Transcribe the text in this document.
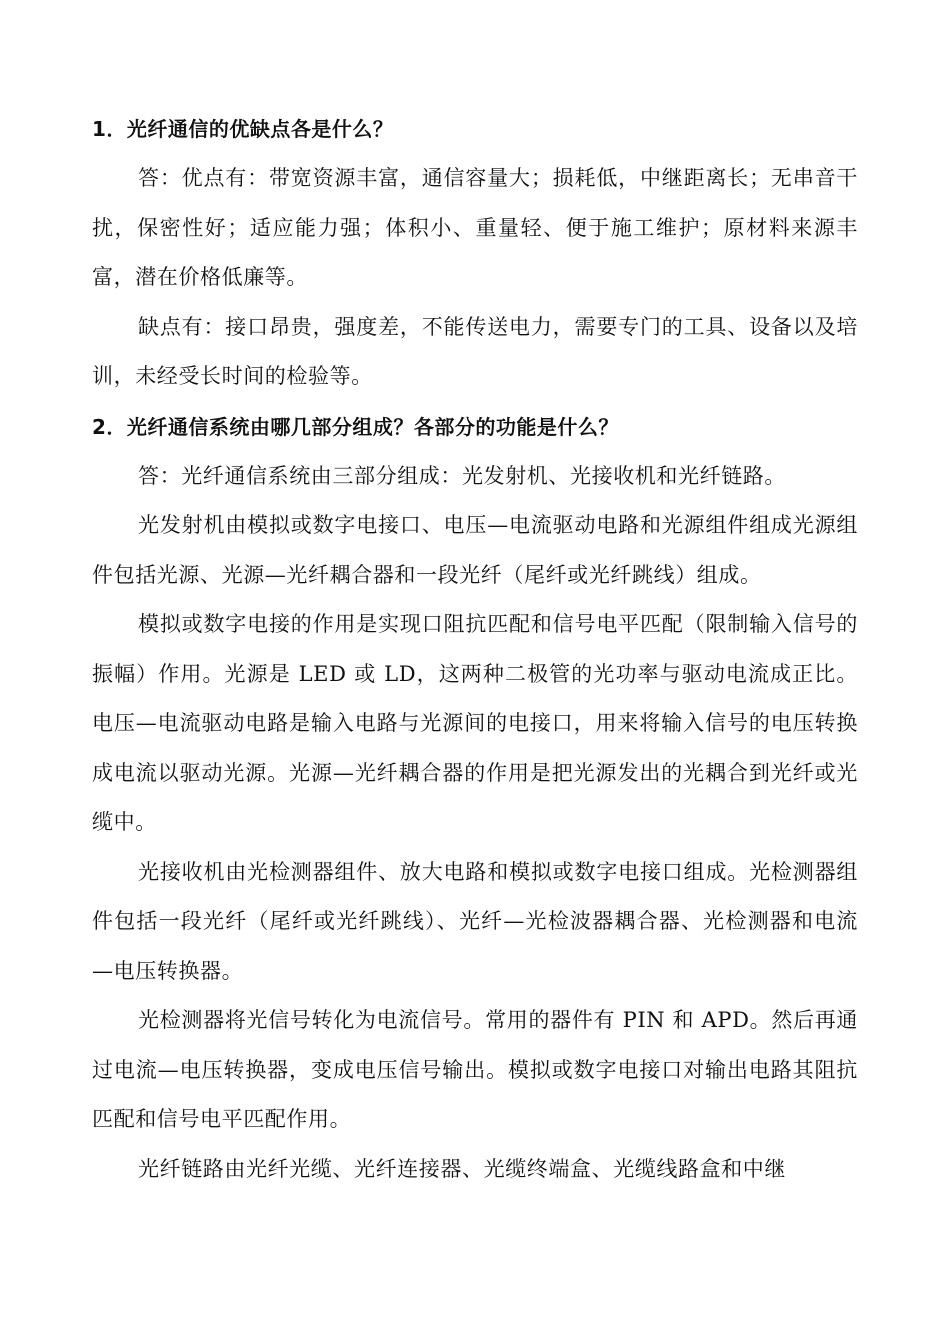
1．光纤通信的优缺点各是什么？

答：优点有：带宽资源丰富，通信容量大；损耗低，中继距离长；无串音干扰，保密性好；适应能力强；体积小、重量轻、便于施工维护；原材料来源丰富，潜在价格低廉等。

缺点有：接口昂贵，强度差，不能传送电力，需要专门的工具、设备以及培训，未经受长时间的检验等。

2．光纤通信系统由哪几部分组成？各部分的功能是什么？

答：光纤通信系统由三部分组成：光发射机、光接收机和光纤链路。

光发射机由模拟或数字电接口、电压—电流驱动电路和光源组件组成光源组件包括光源、光源—光纤耦合器和一段光纤（尾纤或光纤跳线）组成。

模拟或数字电接的作用是实现口阻抗匹配和信号电平匹配（限制输入信号的振幅）作用。光源是 LED 或 LD，这两种二极管的光功率与驱动电流成正比。电压—电流驱动电路是输入电路与光源间的电接口，用来将输入信号的电压转换成电流以驱动光源。光源—光纤耦合器的作用是把光源发出的光耦合到光纤或光缆中。

光接收机由光检测器组件、放大电路和模拟或数字电接口组成。光检测器组件包括一段光纤（尾纤或光纤跳线）、光纤—光检波器耦合器、光检测器和电流—电压转换器。

光检测器将光信号转化为电流信号。常用的器件有 PIN 和 APD。然后再通过电流—电压转换器，变成电压信号输出。模拟或数字电接口对输出电路其阻抗匹配和信号电平匹配作用。

光纤链路由光纤光缆、光纤连接器、光缆终端盒、光缆线路盒和中继
